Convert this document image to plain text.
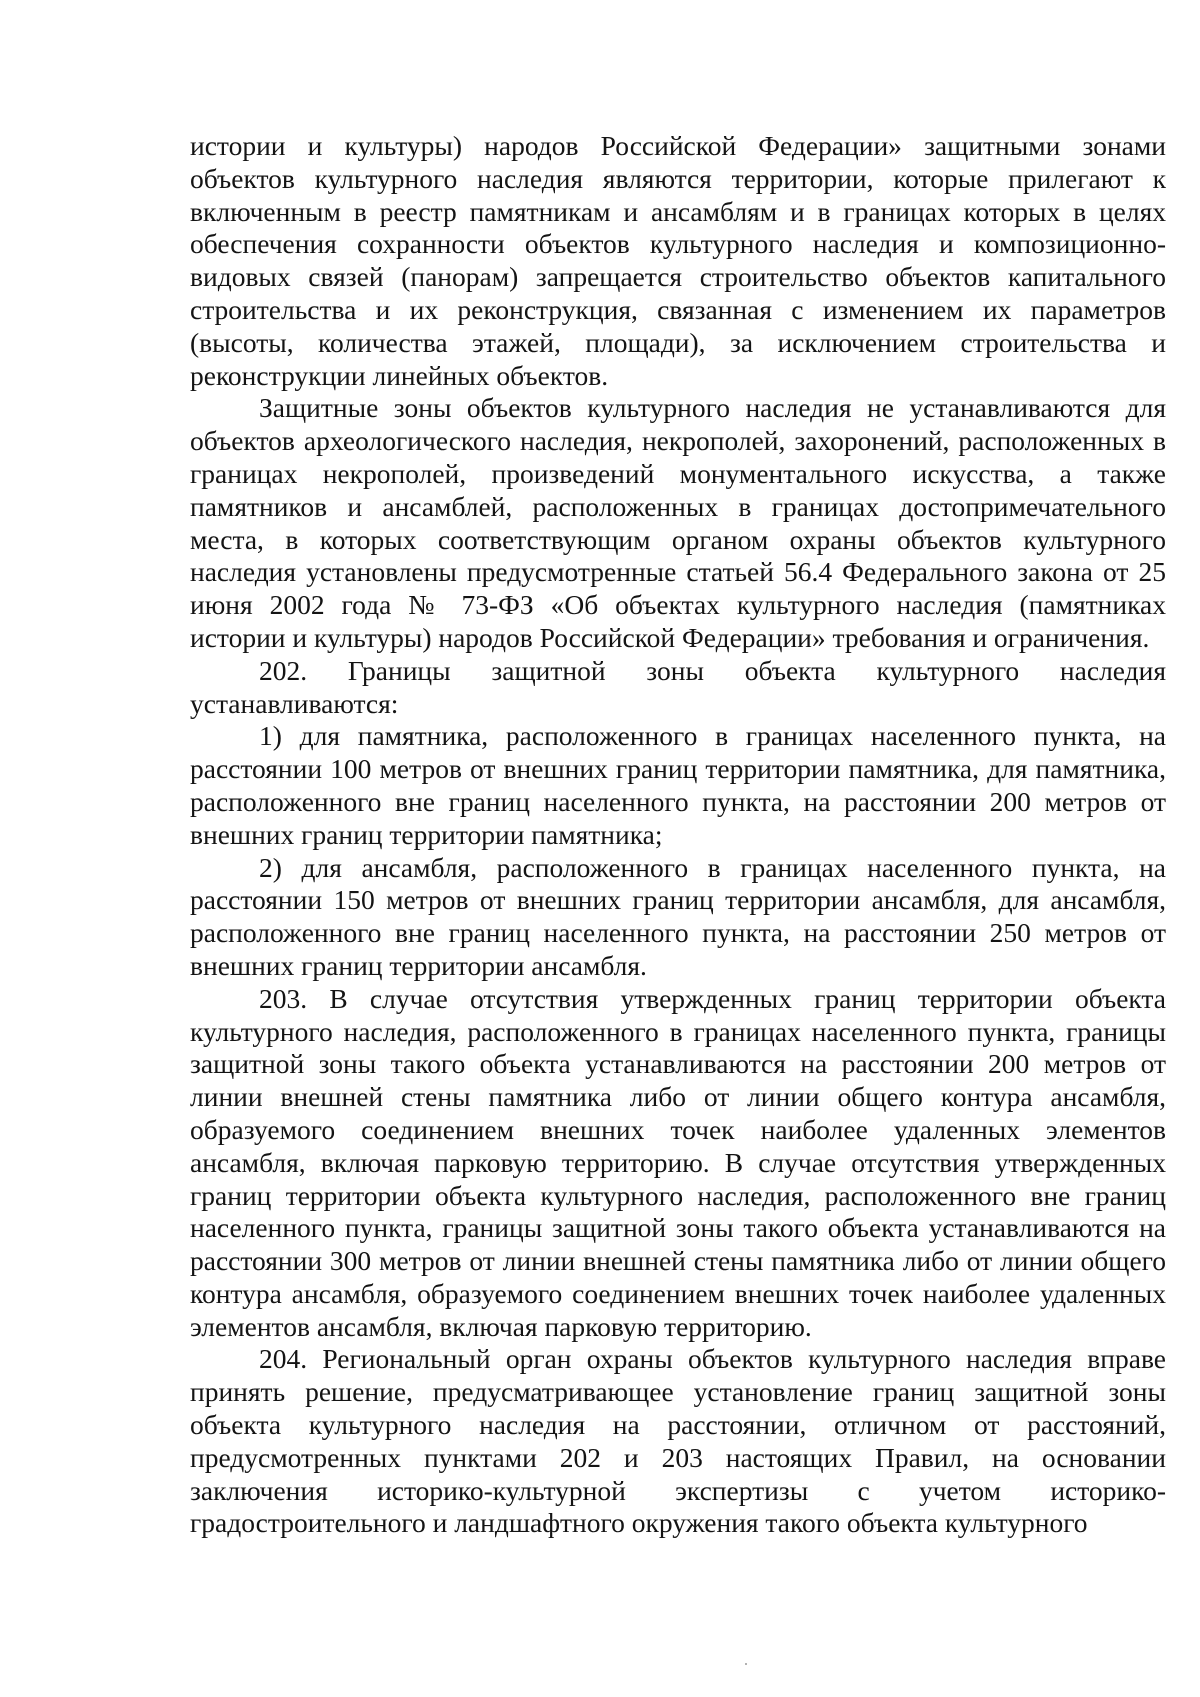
истории и культуры) народов Российской Федерации» защитными зонами объектов культурного наследия являются территории, которые прилегают к включенным в реестр памятникам и ансамблям и в границах которых в целях обеспечения сохранности объектов культурного наследия и композиционно-видовых связей (панорам) запрещается строительство объектов капитального строительства и их реконструкция, связанная с изменением их параметров (высоты, количества этажей, площади), за исключением строительства и реконструкции линейных объектов.

Защитные зоны объектов культурного наследия не устанавливаются для объектов археологического наследия, некрополей, захоронений, расположенных в границах некрополей, произведений монументального искусства, а также памятников и ансамблей, расположенных в границах достопримечательного места, в которых соответствующим органом охраны объектов культурного наследия установлены предусмотренные статьей 56.4 Федерального закона от 25 июня 2002 года № 73-ФЗ «Об объектах культурного наследия (памятниках истории и культуры) народов Российской Федерации» требования и ограничения.

202. Границы защитной зоны объекта культурного наследия устанавливаются:

1) для памятника, расположенного в границах населенного пункта, на расстоянии 100 метров от внешних границ территории памятника, для памятника, расположенного вне границ населенного пункта, на расстоянии 200 метров от внешних границ территории памятника;

2) для ансамбля, расположенного в границах населенного пункта, на расстоянии 150 метров от внешних границ территории ансамбля, для ансамбля, расположенного вне границ населенного пункта, на расстоянии 250 метров от внешних границ территории ансамбля.

203. В случае отсутствия утвержденных границ территории объекта культурного наследия, расположенного в границах населенного пункта, границы защитной зоны такого объекта устанавливаются на расстоянии 200 метров от линии внешней стены памятника либо от линии общего контура ансамбля, образуемого соединением внешних точек наиболее удаленных элементов ансамбля, включая парковую территорию. В случае отсутствия утвержденных границ территории объекта культурного наследия, расположенного вне границ населенного пункта, границы защитной зоны такого объекта устанавливаются на расстоянии 300 метров от линии внешней стены памятника либо от линии общего контура ансамбля, образуемого соединением внешних точек наиболее удаленных элементов ансамбля, включая парковую территорию.

204. Региональный орган охраны объектов культурного наследия вправе принять решение, предусматривающее установление границ защитной зоны объекта культурного наследия на расстоянии, отличном от расстояний, предусмотренных пунктами 202 и 203 настоящих Правил, на основании заключения историко-культурной экспертизы с учетом историко-градостроительного и ландшафтного окружения такого объекта культурного
